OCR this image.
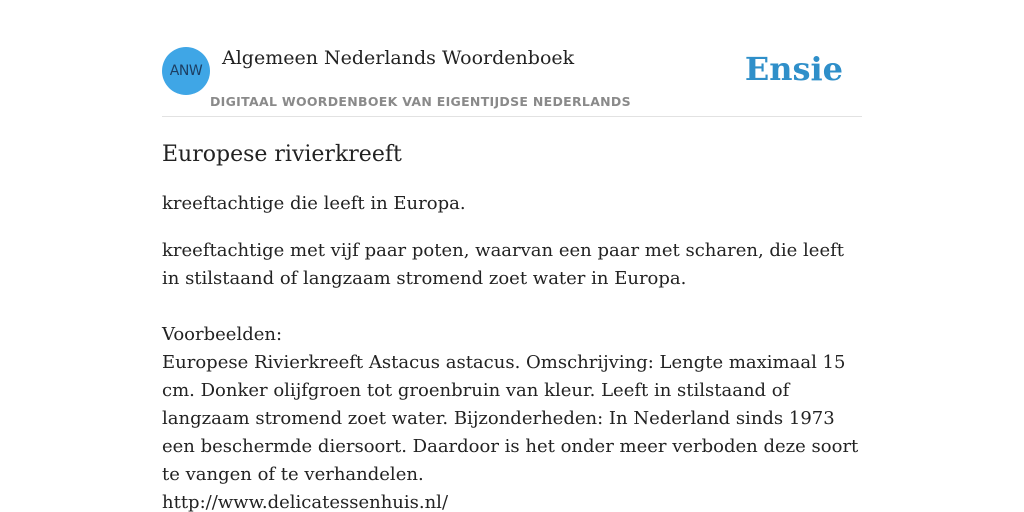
ANW
Algemeen Nederlands Woordenboek
DIGITAAL WOORDENBOEK VAN EIGENTIJDSE NEDERLANDS
Ensie
Europese rivierkreeft

kreeftachtige die leeft in Europa.

kreeftachtige met vijf paar poten, waarvan een paar met scharen, die leeft in stilstaand of langzaam stromend zoet water in Europa.

Voorbeelden:

Europese Rivierkreeft Astacus astacus. Omschrijving: Lengte maximaal 15 cm. Donker olijfgroen tot groenbruin van kleur. Leeft in stilstaand of langzaam stromend zoet water. Bijzonderheden: In Nederland sinds 1973 een beschermde diersoort. Daardoor is het onder meer verboden deze soort te vangen of te verhandelen.

http://www.delicatessenhuis.nl/
